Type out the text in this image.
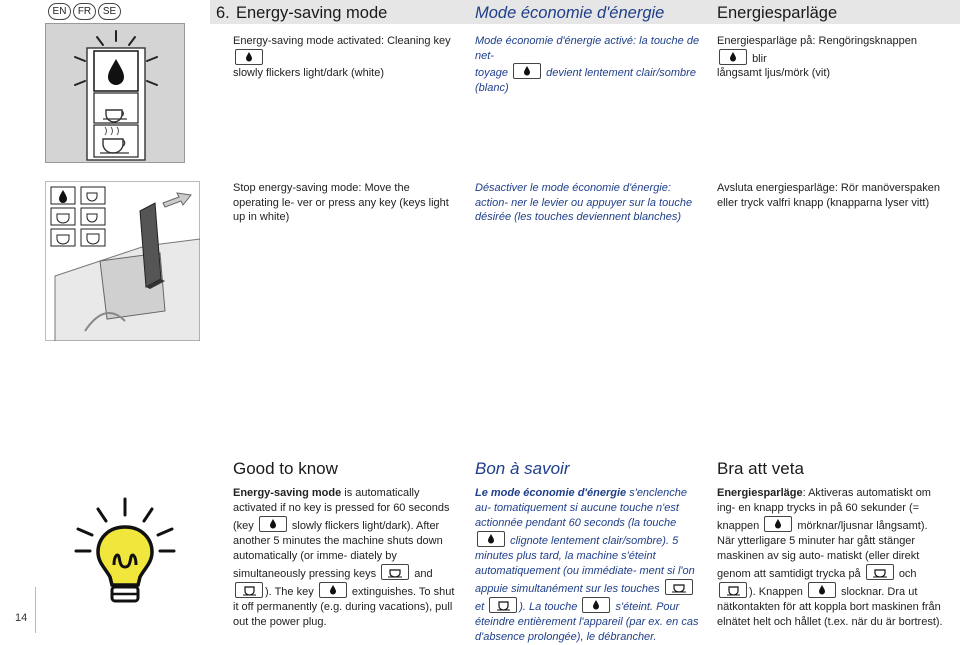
EN	FR	SE	6. Energy-saving mode	Mode économie d'énergie	Energiesparläge
Energy-saving mode activated: Cleaning key

slowly flickers light/dark (white)
Mode économie d'énergie activé: la touche de net-
toyage	devient lentement clair/sombre (blanc)
Energiesparläge på: Rengöringsknappen
blir
långsamt ljus/mörk (vit)
Stop energy-saving mode: Move the operating le- ver or press any key (keys light up in white)
Désactiver le mode économie d'énergie: action- ner le levier ou appuyer sur la touche désirée (les touches deviennent blanches)
Avsluta energiesparläge: Rör manöverspaken eller tryck valfri knapp (knapparna lyser vitt)
Good to know	Bon à savoir	Bra att veta
Energy-saving mode is automatically activated if no key is pressed for 60 seconds (key	slowly flickers light/dark). After another 5 minutes the machine shuts down automatically (or imme- diately by simultaneously pressing keys	and
). The key	extinguishes. To shut it off permanently (e.g. during vacations), pull out the power plug.
Le mode économie d'énergie s'enclenche au- tomatiquement si aucune touche n'est actionnée pendant 60 seconds (la touche
clignote lentement clair/sombre). 5 minutes plus tard, la machine s'éteint automatiquement (ou immédiate- ment si l'on appuie simultanément sur les touches
et	). La touche	s'éteint. Pour éteindre entièrement l'appareil (par ex. en cas d'absence prolongée), le débrancher.
Energiesparläge: Aktiveras automatiskt om ing- en knapp trycks in på 60 sekunder (= knappen	mörknar/ljusnar långsamt). När ytterligare 5 minuter har gått stänger maskinen av sig auto- matiskt (eller direkt genom att samtidigt trycka på	och
). Knappen	slocknar. Dra ut nätkontakten för att koppla bort maskinen från elnätet helt och hållet (t.ex. när du är bortrest).
14
